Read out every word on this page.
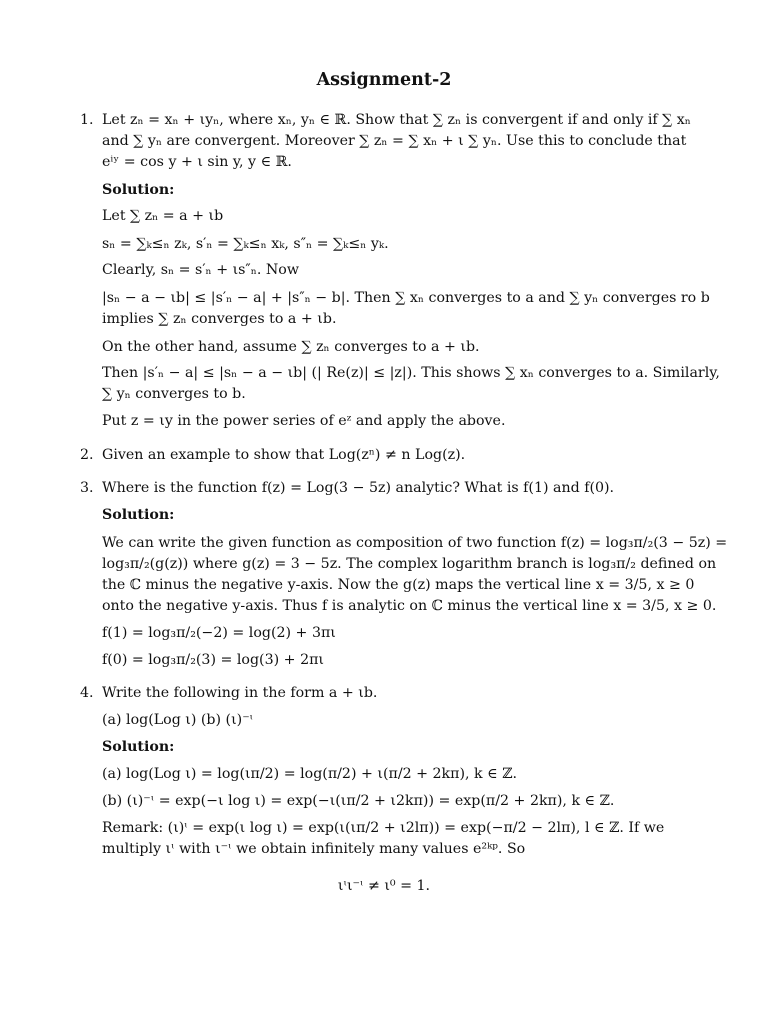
Assignment-2
1. Let zₙ = xₙ + ιyₙ, where xₙ, yₙ ∈ ℝ. Show that ∑ zₙ is convergent if and only if ∑ xₙ
and ∑ yₙ are convergent. Moreover ∑ zₙ = ∑ xₙ + ι ∑ yₙ. Use this to conclude that
eⁱʸ = cos y + ι sin y, y ∈ ℝ.
Solution:
Let ∑ zₙ = a + ιb
sₙ = ∑ₖ≤ₙ zₖ, s′ₙ = ∑ₖ≤ₙ xₖ, s″ₙ = ∑ₖ≤ₙ yₖ.
Clearly, sₙ = s′ₙ + ιs″ₙ. Now
|sₙ − a − ιb| ≤ |s′ₙ − a| + |s″ₙ − b|. Then ∑ xₙ converges to a and ∑ yₙ converges ro b
implies ∑ zₙ converges to a + ιb.
On the other hand, assume ∑ zₙ converges to a + ιb.
Then |s′ₙ − a| ≤ |sₙ − a − ιb| (| Re(z)| ≤ |z|). This shows ∑ xₙ converges to a. Similarly,
∑ yₙ converges to b.
Put z = ιy in the power series of eᶻ and apply the above.
2. Given an example to show that Log(zⁿ) ≠ n Log(z).
3. Where is the function f(z) = Log(3 − 5z) analytic? What is f(1) and f(0).
Solution:
We can write the given function as composition of two function f(z) = log₃π/₂(3 − 5z) =
log₃π/₂(g(z)) where g(z) = 3 − 5z. The complex logarithm branch is log₃π/₂ defined on
the ℂ minus the negative y-axis. Now the g(z) maps the vertical line x = 3/5, x ≥ 0
onto the negative y-axis. Thus f is analytic on ℂ minus the vertical line x = 3/5, x ≥ 0.
f(1) = log₃π/₂(−2) = log(2) + 3πι
f(0) = log₃π/₂(3) = log(3) + 2πι
4. Write the following in the form a + ιb.
(a) log(Log ι) (b) (ι)⁻ᶥ
Solution:
(a) log(Log ι) = log(ιπ/2) = log(π/2) + ι(π/2 + 2kπ), k ∈ ℤ.
(b) (ι)⁻ᶥ = exp(−ι log ι) = exp(−ι(ιπ/2 + ι2kπ)) = exp(π/2 + 2kπ), k ∈ ℤ.
Remark: (ι)ᶥ = exp(ι log ι) = exp(ι(ιπ/2 + ι2lπ)) = exp(−π/2 − 2lπ), l ∈ ℤ. If we
multiply ιᶥ with ι⁻ᶥ we obtain infinitely many values e²ᵏᵖ. So
ιᶥι⁻ᶥ ≠ ι⁰ = 1.
